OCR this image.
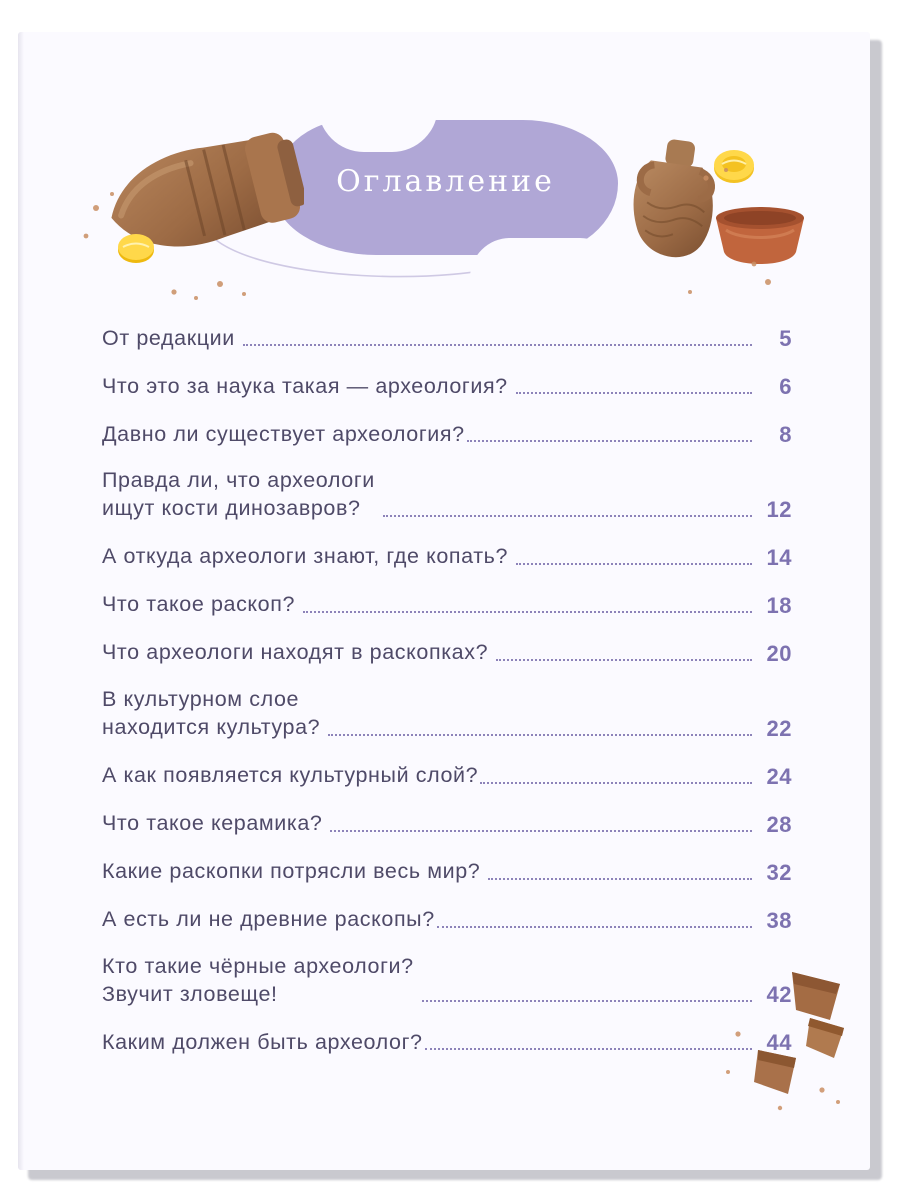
Оглавление
От редакции	5
Что это за наука такая — археология?	6
Давно ли существует археология?	8
Правда ли, что археологи
ищут кости динозавров?	12
А откуда археологи знают, где копать?	14
Что такое раскоп?	18
Что археологи находят в раскопках?	20
В культурном слое
находится культура?	22
А как появляется культурный слой?	24
Что такое керамика?	28
Какие раскопки потрясли весь мир?	32
А есть ли не древние раскопы?	38
Кто такие чёрные археологи?
Звучит зловеще!	42
Каким должен быть археолог?	44
